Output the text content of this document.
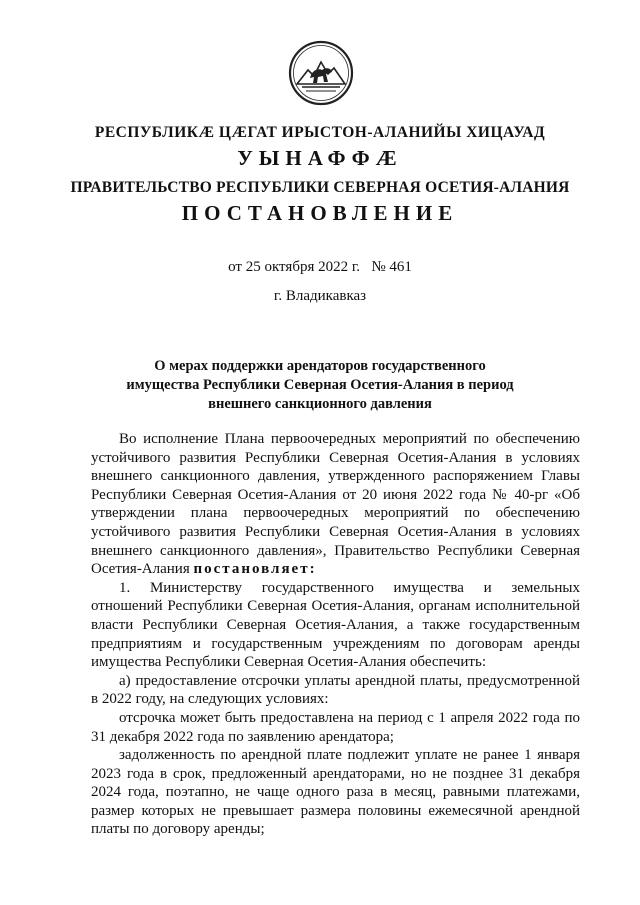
РЕСПУБЛИКӔ ЦӔГАТ ИРЫСТОН-АЛАНИЙЫ ХИЦАУАД
УЫНАФФӔ
ПРАВИТЕЛЬСТВО РЕСПУБЛИКИ СЕВЕРНАЯ ОСЕТИЯ-АЛАНИЯ
ПОСТАНОВЛЕНИЕ
от 25 октября 2022 г. № 461
г. Владикавказ
О мерах поддержки арендаторов государственного
имущества Республики Северная Осетия-Алания в период
внешнего санкционного давления
Во исполнение Плана первоочередных мероприятий по обеспечению
устойчивого развития Республики Северная Осетия-Алания в условиях
внешнего санкционного давления, утвержденного распоряжением Главы
Республики Северная Осетия-Алания от 20 июня 2022 года № 40-рг «Об
утверждении плана первоочередных мероприятий по обеспечению
устойчивого развития Республики Северная Осетия-Алания в условиях
внешнего санкционного давления», Правительство Республики Северная
Осетия-Алания постановляет:
1. Министерству государственного имущества и земельных
отношений Республики Северная Осетия-Алания, органам исполнительной
власти Республики Северная Осетия-Алания, а также государственным
предприятиям и государственным учреждениям по договорам аренды
имущества Республики Северная Осетия-Алания обеспечить:
а) предоставление отсрочки уплаты арендной платы, предусмотренной
в 2022 году, на следующих условиях:
отсрочка может быть предоставлена на период с 1 апреля 2022 года по
31 декабря 2022 года по заявлению арендатора;
задолженность по арендной плате подлежит уплате не ранее 1 января
2023 года в срок, предложенный арендаторами, но не позднее 31 декабря
2024 года, поэтапно, не чаще одного раза в месяц, равными платежами,
размер которых не превышает размера половины ежемесячной арендной
платы по договору аренды;
